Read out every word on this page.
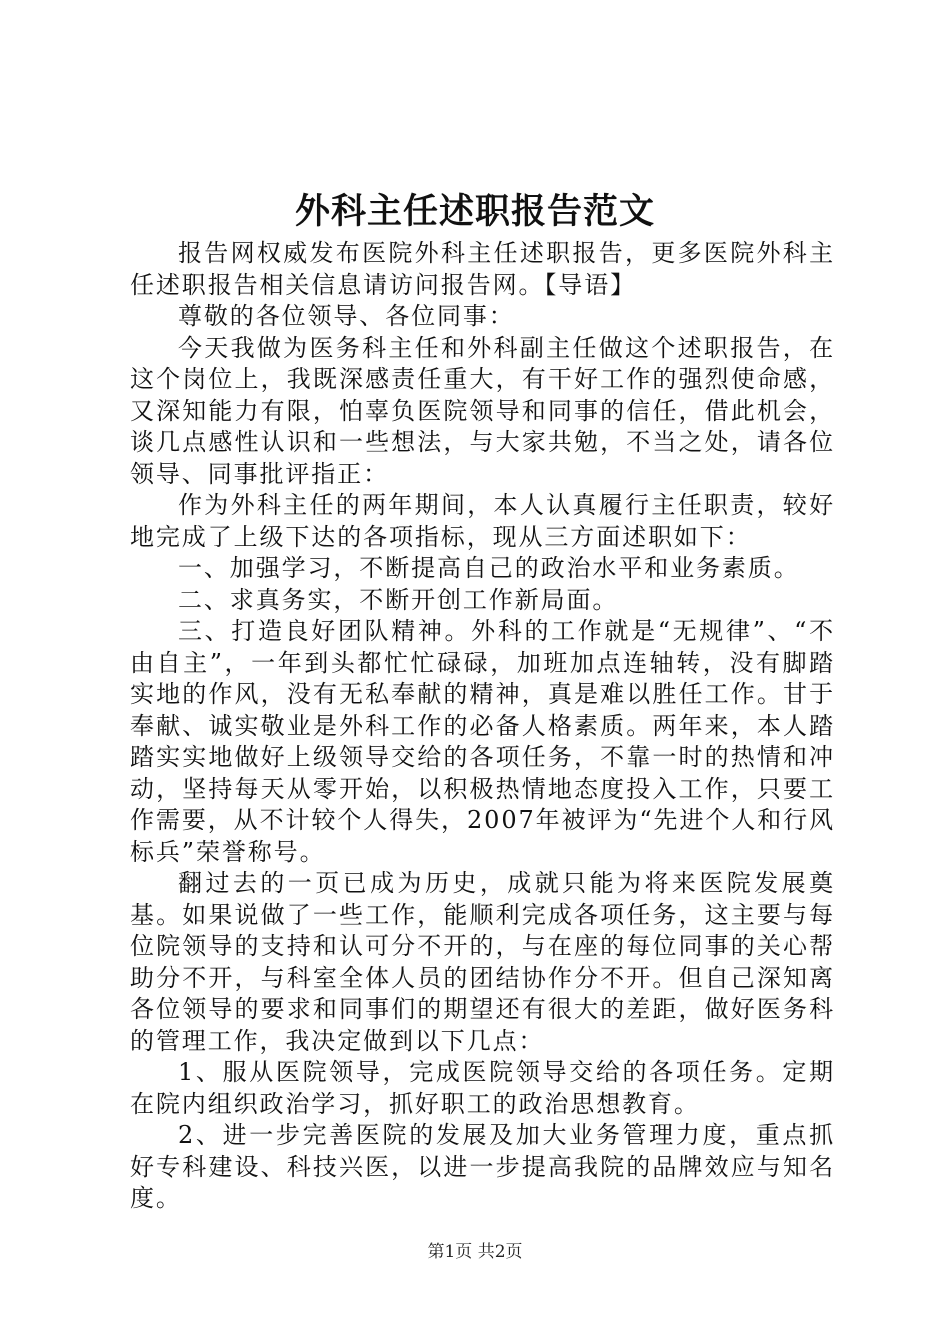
外科主任述职报告范文

报告网权威发布医院外科主任述职报告，更多医院外科主任述职报告相关信息请访问报告网。【导语】

尊敬的各位领导、各位同事：

今天我做为医务科主任和外科副主任做这个述职报告，在这个岗位上，我既深感责任重大，有干好工作的强烈使命感，又深知能力有限，怕辜负医院领导和同事的信任，借此机会，谈几点感性认识和一些想法，与大家共勉，不当之处，请各位领导、同事批评指正：

作为外科主任的两年期间，本人认真履行主任职责，较好地完成了上级下达的各项指标，现从三方面述职如下：

一、加强学习，不断提高自己的政治水平和业务素质。

二、求真务实，不断开创工作新局面。

三、打造良好团队精神。外科的工作就是“无规律”、“不由自主”，一年到头都忙忙碌碌，加班加点连轴转，没有脚踏实地的作风，没有无私奉献的精神，真是难以胜任工作。甘于奉献、诚实敬业是外科工作的必备人格素质。两年来，本人踏踏实实地做好上级领导交给的各项任务，不靠一时的热情和冲动，坚持每天从零开始，以积极热情地态度投入工作，只要工作需要，从不计较个人得失，2007年被评为“先进个人和行风标兵”荣誉称号。

翻过去的一页已成为历史，成就只能为将来医院发展奠基。如果说做了一些工作，能顺利完成各项任务，这主要与每位院领导的支持和认可分不开的，与在座的每位同事的关心帮助分不开，与科室全体人员的团结协作分不开。但自己深知离各位领导的要求和同事们的期望还有很大的差距，做好医务科的管理工作，我决定做到以下几点：

1、服从医院领导，完成医院领导交给的各项任务。定期在院内组织政治学习，抓好职工的政治思想教育。

2、进一步完善医院的发展及加大业务管理力度，重点抓好专科建设、科技兴医，以进一步提高我院的品牌效应与知名度。

第1页 共2页
